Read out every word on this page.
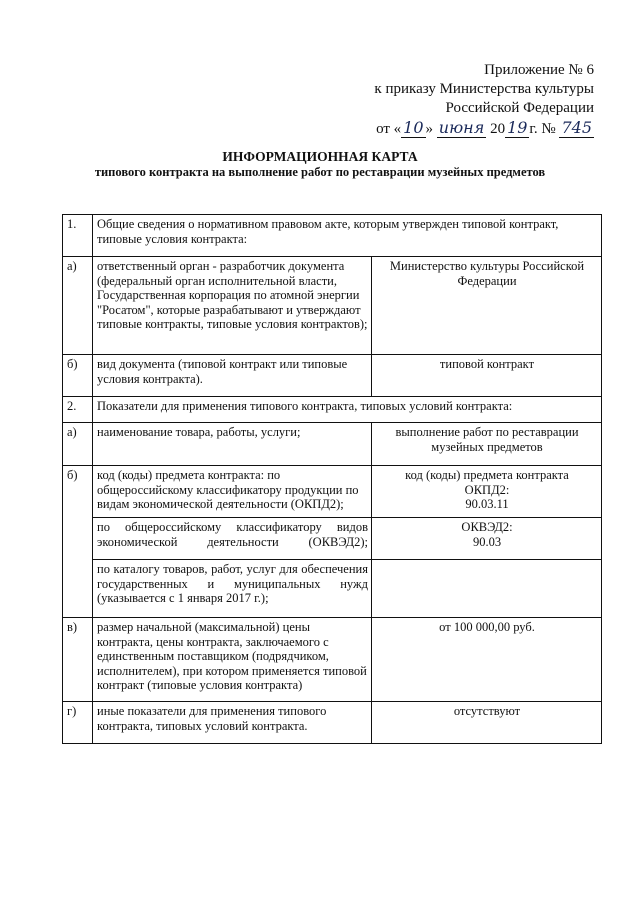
Приложение № 6
к приказу Министерства культуры
Российской Федерации
от « 10 » июня 20 19 г. № 745
ИНФОРМАЦИОННАЯ КАРТА
типового контракта на выполнение работ по реставрации музейных предметов
1.	Общие сведения о нормативном правовом акте, которым утвержден типовой контракт, типовые условия контракта:	
а)	ответственный орган - разработчик документа (федеральный орган исполнительной власти, Государственная корпорация по атомной энергии "Росатом", которые разрабатывают и утверждают типовые контракты, типовые условия контрактов);	Министерство культуры Российской Федерации
б)	вид документа (типовой контракт или типовые условия контракта).	типовой контракт
2.	Показатели для применения типового контракта, типовых условий контракта:	
а)	наименование товара, работы, услуги;	выполнение работ по реставрации музейных предметов
б)	код (коды) предмета контракта: по общероссийскому классификатору продукции по видам экономической деятельности (ОКПД2);	код (коды) предмета контракта
ОКПД2:
90.03.11

	по общероссийскому классификатору видов экономической деятельности (ОКВЭД2);	ОКВЭД2:
90.03

	по каталогу товаров, работ, услуг для обеспечения государственных и муниципальных нужд (указывается с 1 января 2017 г.);	
в)	размер начальной (максимальной) цены контракта, цены контракта, заключаемого с единственным поставщиком (подрядчиком, исполнителем), при котором применяется типовой контракт (типовые условия контракта)	от 100 000,00 руб.
г)	иные показатели для применения типового контракта, типовых условий контракта.	отсутствуют
